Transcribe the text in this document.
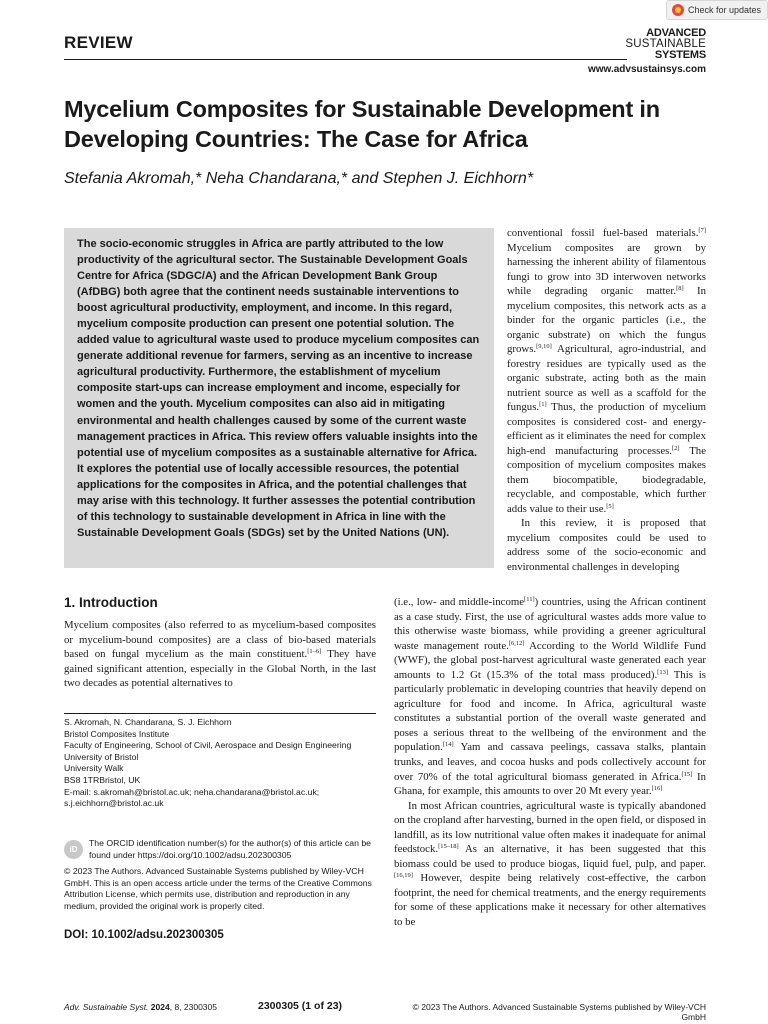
Check for updates
REVIEW	ADVANCED
SUSTAINABLE
SYSTEMS
www.advsustainsys.com
Mycelium Composites for Sustainable Development in Developing Countries: The Case for Africa
Stefania Akromah,* Neha Chandarana,* and Stephen J. Eichhorn*

The socio-economic struggles in Africa are partly attributed to the low productivity of the agricultural sector. The Sustainable Development Goals Centre for Africa (SDGC/A) and the African Development Bank Group (AfDBG) both agree that the continent needs sustainable interventions to boost agricultural productivity, employment, and income. In this regard, mycelium composite production can present one potential solution. The added value to agricultural waste used to produce mycelium composites can generate additional revenue for farmers, serving as an incentive to increase agricultural productivity. Furthermore, the establishment of mycelium composite start-ups can increase employment and income, especially for women and the youth. Mycelium composites can also aid in mitigating environmental and health challenges caused by some of the current waste management practices in Africa. This review offers valuable insights into the potential use of mycelium composites as a sustainable alternative for Africa. It explores the potential use of locally accessible resources, the potential applications for the composites in Africa, and the potential challenges that may arise with this technology. It further assesses the potential contribution of this technology to sustainable development in Africa in line with the Sustainable Development Goals (SDGs) set by the United Nations (UN).

conventional fossil fuel-based materials.[7] Mycelium composites are grown by harnessing the inherent ability of filamentous fungi to grow into 3D interwoven networks while degrading organic matter.[8] In mycelium composites, this network acts as a binder for the organic particles (i.e., the organic substrate) on which the fungus grows.[9,10] Agricultural, agro-industrial, and forestry residues are typically used as the organic substrate, acting both as the main nutrient source as well as a scaffold for the fungus.[1] Thus, the production of mycelium composites is considered cost- and energy-efficient as it eliminates the need for complex high-end manufacturing processes.[2] The composition of mycelium composites makes them biocompatible, biodegradable, recyclable, and compostable, which further adds value to their use.[5]

In this review, it is proposed that mycelium composites could be used to address some of the socio-economic and environmental challenges in developing

1. Introduction
Mycelium composites (also referred to as mycelium-based composites or mycelium-bound composites) are a class of bio-based materials based on fungal mycelium as the main constituent.[1–6] They have gained significant attention, especially in the Global North, in the last two decades as potential alternatives to
S. Akromah, N. Chandarana, S. J. Eichhorn
Bristol Composites Institute
Faculty of Engineering, School of Civil, Aerospace and Design Engineering
University of Bristol
University Walk
BS8 1TRBristol, UK
E-mail: s.akromah@bristol.ac.uk; neha.chandarana@bristol.ac.uk; s.j.eichhorn@bristol.ac.uk
iD
The ORCID identification number(s) for the author(s) of this article can be found under https://doi.org/10.1002/adsu.202300305
© 2023 The Authors. Advanced Sustainable Systems published by Wiley-VCH GmbH. This is an open access article under the terms of the Creative Commons Attribution License, which permits use, distribution and reproduction in any medium, provided the original work is properly cited.
DOI: 10.1002/adsu.202300305

(i.e., low- and middle-income[11]) countries, using the African continent as a case study. First, the use of agricultural wastes adds more value to this otherwise waste biomass, while providing a greener agricultural waste management route.[6,12] According to the World Wildlife Fund (WWF), the global post-harvest agricultural waste generated each year amounts to 1.2 Gt (15.3% of the total mass produced).[13] This is particularly problematic in developing countries that heavily depend on agriculture for food and income. In Africa, agricultural waste constitutes a substantial portion of the overall waste generated and poses a serious threat to the wellbeing of the environment and the population.[14] Yam and cassava peelings, cassava stalks, plantain trunks, and leaves, and cocoa husks and pods collectively account for over 70% of the total agricultural biomass generated in Africa.[15] In Ghana, for example, this amounts to over 20 Mt every year.[16]

In most African countries, agricultural waste is typically abandoned on the cropland after harvesting, burned in the open field, or disposed in landfill, as its low nutritional value often makes it inadequate for animal feedstock.[15–18] As an alternative, it has been suggested that this biomass could be used to produce biogas, liquid fuel, pulp, and paper.[16,19] However, despite being relatively cost-effective, the carbon footprint, the need for chemical treatments, and the energy requirements for some of these applications make it necessary for other alternatives to be

Adv. Sustainable Syst. 2024, 8, 2300305	2300305 (1 of 23)	© 2023 The Authors. Advanced Sustainable Systems published by Wiley-VCH GmbH
